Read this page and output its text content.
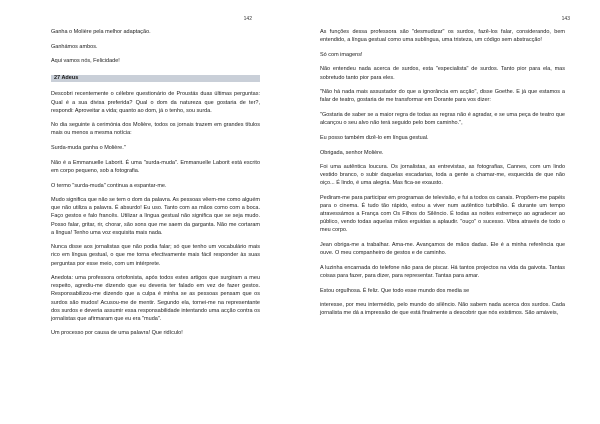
142

Ganha o Molière pela melhor adaptação.

Ganhámos ambos.

Aqui vamos nós, Felicidade!

27 Adeus

Descobri recentemente o célebre questionário de Proustás duas últimas perguntas: Qual é a sua divisa preferida? Qual o dom da natureza que gostaria de ter?, respondi: Aproveitar a vida; quanto ao dom, já o tenho, sou surda.

No dia seguinte à cerimónia dos Molière, todos os jornais trazem em grandes títulos mais ou menos a mesma notícia:

Surda-muda ganha o Molière."

Não é a Emmanuelle Laborit. É uma "surda-muda". Emmanuelle Laborit está escrito em corpo pequeno, sob a fotografia.

O termo "surda-muda" continua a espantar-me.

Mudo significa que não se tem o dom da palavra. As pessoas vêem-me como alguém que não utiliza a palavra. É absurdo! Eu uso. Tanto com as mãos como com a boca. Faço gestos e falo francês. Utilizar a língua gestual não significa que se seja mudo. Posso falar, gritar, rir, chorar, são sons que me saem da garganta. Não me cortaram a língua! Tenho uma voz esquisita mais nada.

Nunca disse aos jornalistas que não podia falar; só que tenho um vocabulário mais rico em língua gestual, o que me torna efectivamente mais fácil responder às suas perguntas por esse meio, com um intérprete.

Anedota: uma professora ortofonista, após todos estes artigos que surgiram a meu respeito, agrediu-me dizendo que eu deveria ter falado em vez de fazer gestos. Responsabilizou-me dizendo que a culpa é minha se as pessoas pensam que os surdos são mudos! Acusou-me de mentir. Segundo ela, tornei-me na representante dos surdos e deveria assumir essa responsabilidade intentando uma acção contra os jornalistas que afirmaram que eu era "muda".

Um processo por causa de uma palavra! Que ridículo!

143

As funções dessa professora são "desmudizar" os surdos, fazê-los falar, considerando, bem entendido, a língua gestual como uma sublíngua, uma tristeza, um código sem abstracção!

Só com imagens!

Não entendeu nada acerca de surdos, esta "especialista" de surdos. Tanto pior para ela, mas sobretudo tanto pior para eles.

"Não há nada mais assustador do que a ignorância em acção", disse Goethe. E já que estamos a falar de teatro, gostaria de me transformar em Dorante para vos dizer:

"Gostaria de saber se a maior regra de todas as regras não é agradar, e se uma peça de teatro que alcançou o seu alvo não terá seguido pelo bom caminho.",

Eu posso também dizê-lo em língua gestual.

Obrigada, senhor Molière.

Foi uma autêntica loucura. Os jornalistas, as entrevistas, as fotografias, Cannes, com um lindo vestido branco, o subir daquelas escadarias, toda a gente a chamar-me, esquecida de que não oiço... É lindo, é uma alegria. Mas fica-se exausto.

Pediram-me para participar em programas de televisão, e fui a todos os canais. Propõem-me papéis para o cinema. É tudo tão rápido, estou a viver num autêntico turbilhão. É durante um tempo atravessámos a França com Os Filhos do Silêncio. É todas as noites estremeço ao agradecer ao público, vendo todas aquelas mãos erguidas a aplaudir. "ouço" o sucesso. Vibra através de todo o meu corpo.

Jean obriga-me a trabalhar. Ama-me. Avançamos de mãos dadas. Ele é a minha referência que ouve. O meu companheiro de gestos e de caminho.

A luzinha encarnada do telefone não para de piscar. Há tantos projectos na vida da gaivota. Tantas coisas para fazer, para dizer, para representar. Tantas para amar.

Estou orgulhosa. É feliz. Que todo esse mundo dos media se

interesse, por meu intermédio, pelo mundo do silêncio. Não sabem nada acerca dos surdos. Cada jornalista me dá a impressão de que está finalmente a descobrir que nós existimos. São amáveis,
